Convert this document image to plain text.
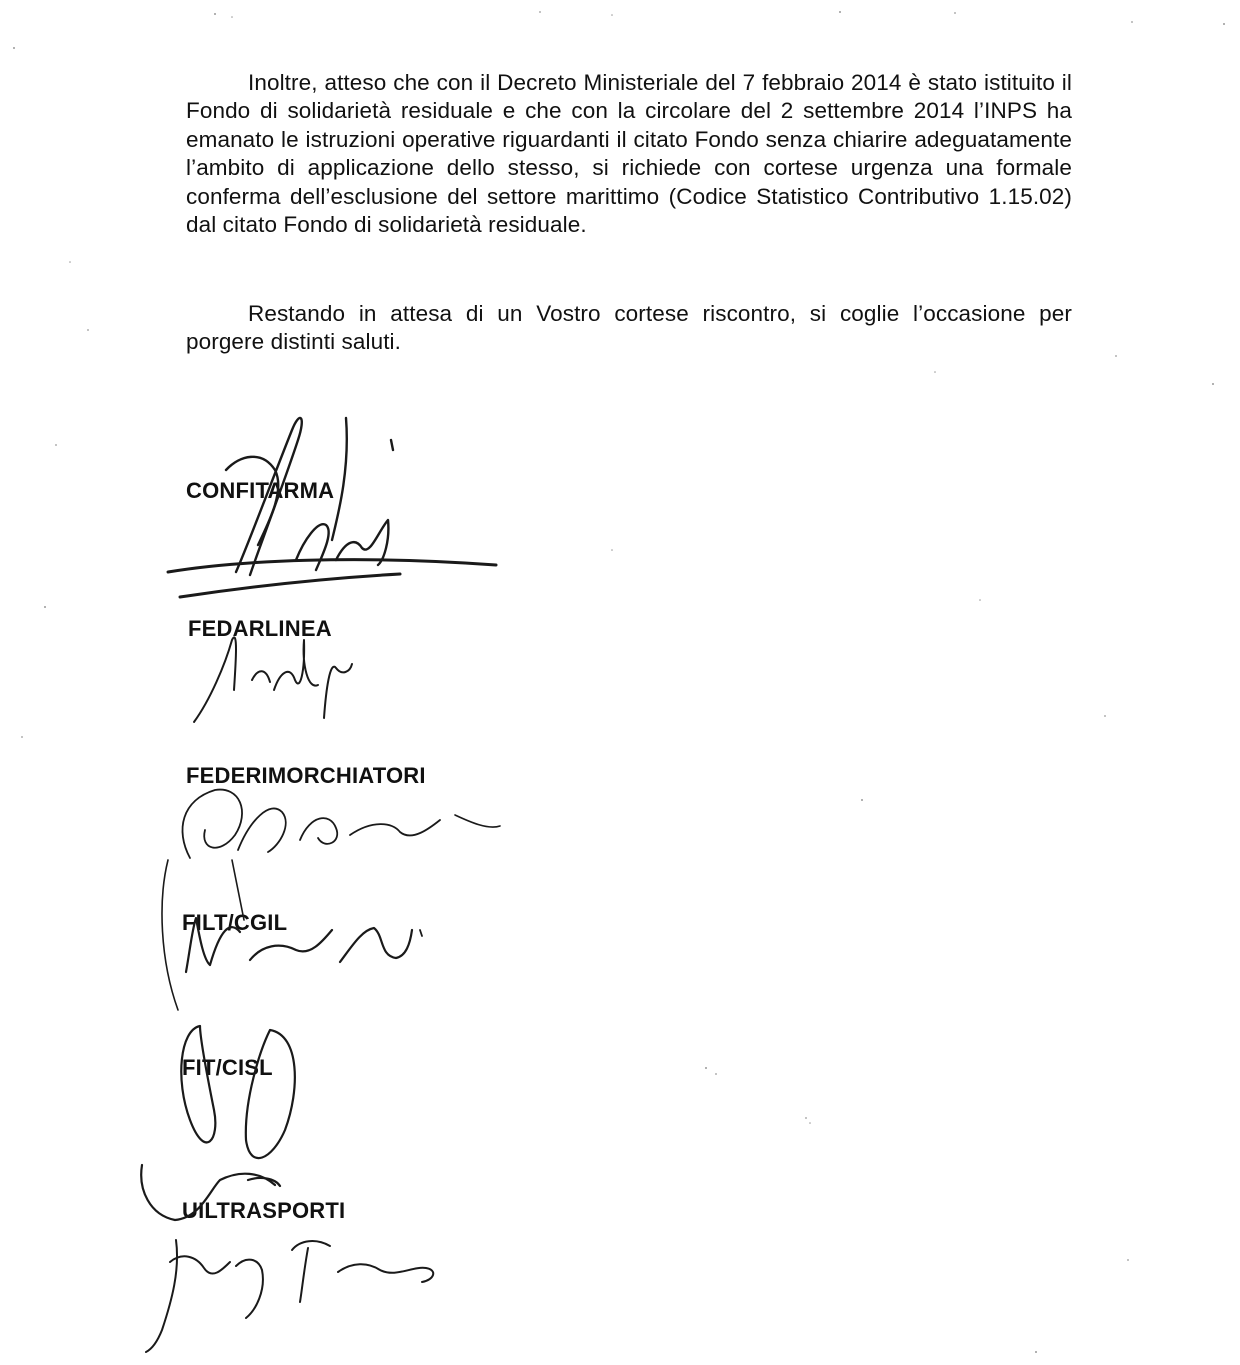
Inoltre, atteso che con il Decreto Ministeriale del 7 febbraio 2014 è stato istituito il Fondo di solidarietà residuale e che con la circolare del 2 settembre 2014 l’INPS ha emanato le istruzioni operative riguardanti il citato Fondo senza chiarire adeguatamente l’ambito di applicazione dello stesso, si richiede con cortese urgenza una formale conferma dell’esclusione del settore marittimo (Codice Statistico Contributivo 1.15.02) dal citato Fondo di solidarietà residuale.

Restando in attesa di un Vostro cortese riscontro, si coglie l’occasione per porgere distinti saluti.

CONFITARMA
FEDARLINEA
FEDERIMORCHIATORI
FILT/CGIL
FIT/CISL
UILTRASPORTI
